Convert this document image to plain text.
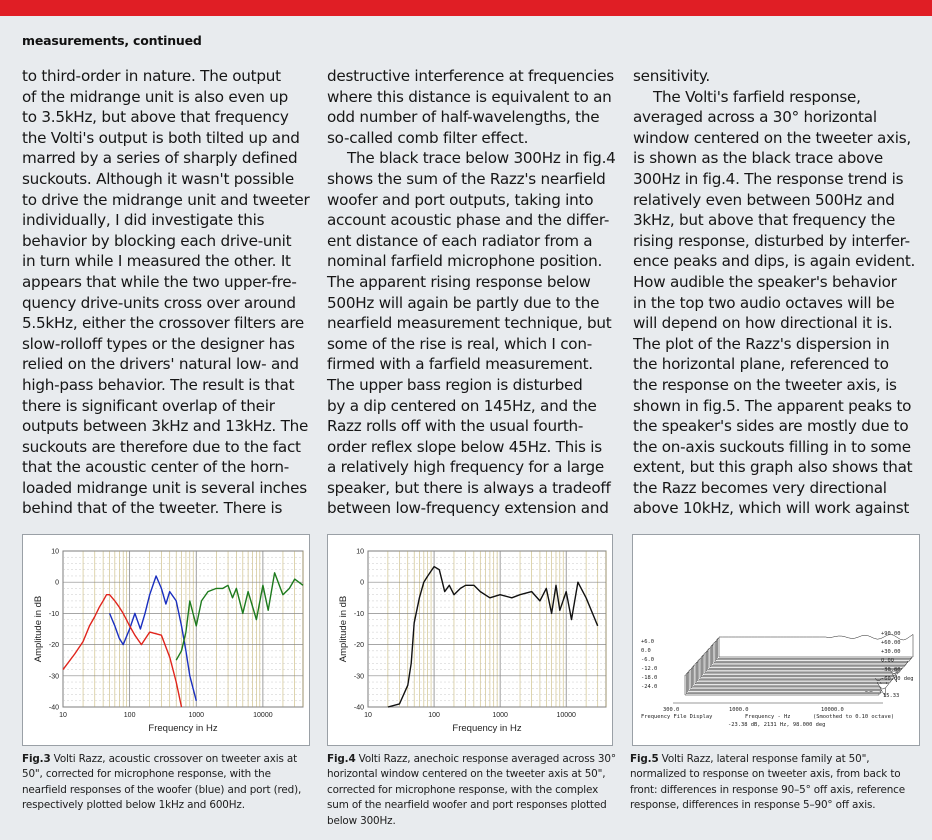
measurements, continued

to third-order in nature. The output
of the midrange unit is also even up
to 3.5kHz, but above that frequency
the Volti's output is both tilted up and
marred by a series of sharply defined
suckouts. Although it wasn't possible
to drive the midrange unit and tweeter
individually, I did investigate this
behavior by blocking each drive-unit
in turn while I measured the other. It
appears that while the two upper-fre-
quency drive-units cross over around
5.5kHz, either the crossover filters are
slow-rolloff types or the designer has
relied on the drivers' natural low- and
high-pass behavior. The result is that
there is significant overlap of their
outputs between 3kHz and 13kHz. The
suckouts are therefore due to the fact
that the acoustic center of the horn-
loaded midrange unit is several inches
behind that of the tweeter. There is

destructive interference at frequencies
where this distance is equivalent to an
odd number of half-wavelengths, the
so-called comb filter effect.

The black trace below 300Hz in fig.4
shows the sum of the Razz's nearfield
woofer and port outputs, taking into
account acoustic phase and the differ-
ent distance of each radiator from a
nominal farfield microphone position.
The apparent rising response below
500Hz will again be partly due to the
nearfield measurement technique, but
some of the rise is real, which I con-
firmed with a farfield measurement.
The upper bass region is disturbed
by a dip centered on 145Hz, and the
Razz rolls off with the usual fourth-
order reflex slope below 45Hz. This is
a relatively high frequency for a large
speaker, but there is always a tradeoff
between low-frequency extension and

sensitivity.

The Volti's farfield response,
averaged across a 30° horizontal
window centered on the tweeter axis,
is shown as the black trace above
300Hz in fig.4. The response trend is
relatively even between 500Hz and
3kHz, but above that frequency the
rising response, disturbed by interfer-
ence peaks and dips, is again evident.
How audible the speaker's behavior
in the top two audio octaves will be
will depend on how directional it is.
The plot of the Razz's dispersion in
the horizontal plane, referenced to
the response on the tweeter axis, is
shown in fig.5. The apparent peaks to
the speaker's sides are mostly due to
the on-axis suckouts filling in to some
extent, but this graph also shows that
the Razz becomes very directional
above 10kHz, which will work against

10
0
-10
-20
-30
-40
10	100	1000	10000
Frequency in Hz
Amplitude in dB
10
0
-10
-20
-30
-40
10	100	1000	10000
Frequency in Hz
Amplitude in dB	+6.0
0.0
-6.0
-12.0
-18.0
-24.0
+90.00
+60.00
+30.00
0.00
-30.00
-60.00 deg
15.33
300.0	1000.0	10000.0
Frequency File Display	Frequency - Hz	(Smoothed to 0.10 octave)
-23.38 dB, 2131 Hz, 98.000 deg
Fig.3 Volti Razz, acoustic crossover on tweeter axis at 50", corrected for microphone response, with the nearfield responses of the woofer (blue) and port (red), respectively plotted below 1kHz and 600Hz.
Fig.4 Volti Razz, anechoic response averaged across 30° horizontal window centered on the tweeter axis at 50", corrected for microphone response, with the complex sum of the nearfield woofer and port responses plotted below 300Hz.
Fig.5 Volti Razz, lateral response family at 50", normalized to response on tweeter axis, from back to front: differences in response 90–5° off axis, reference response, differences in response 5–90° off axis.
